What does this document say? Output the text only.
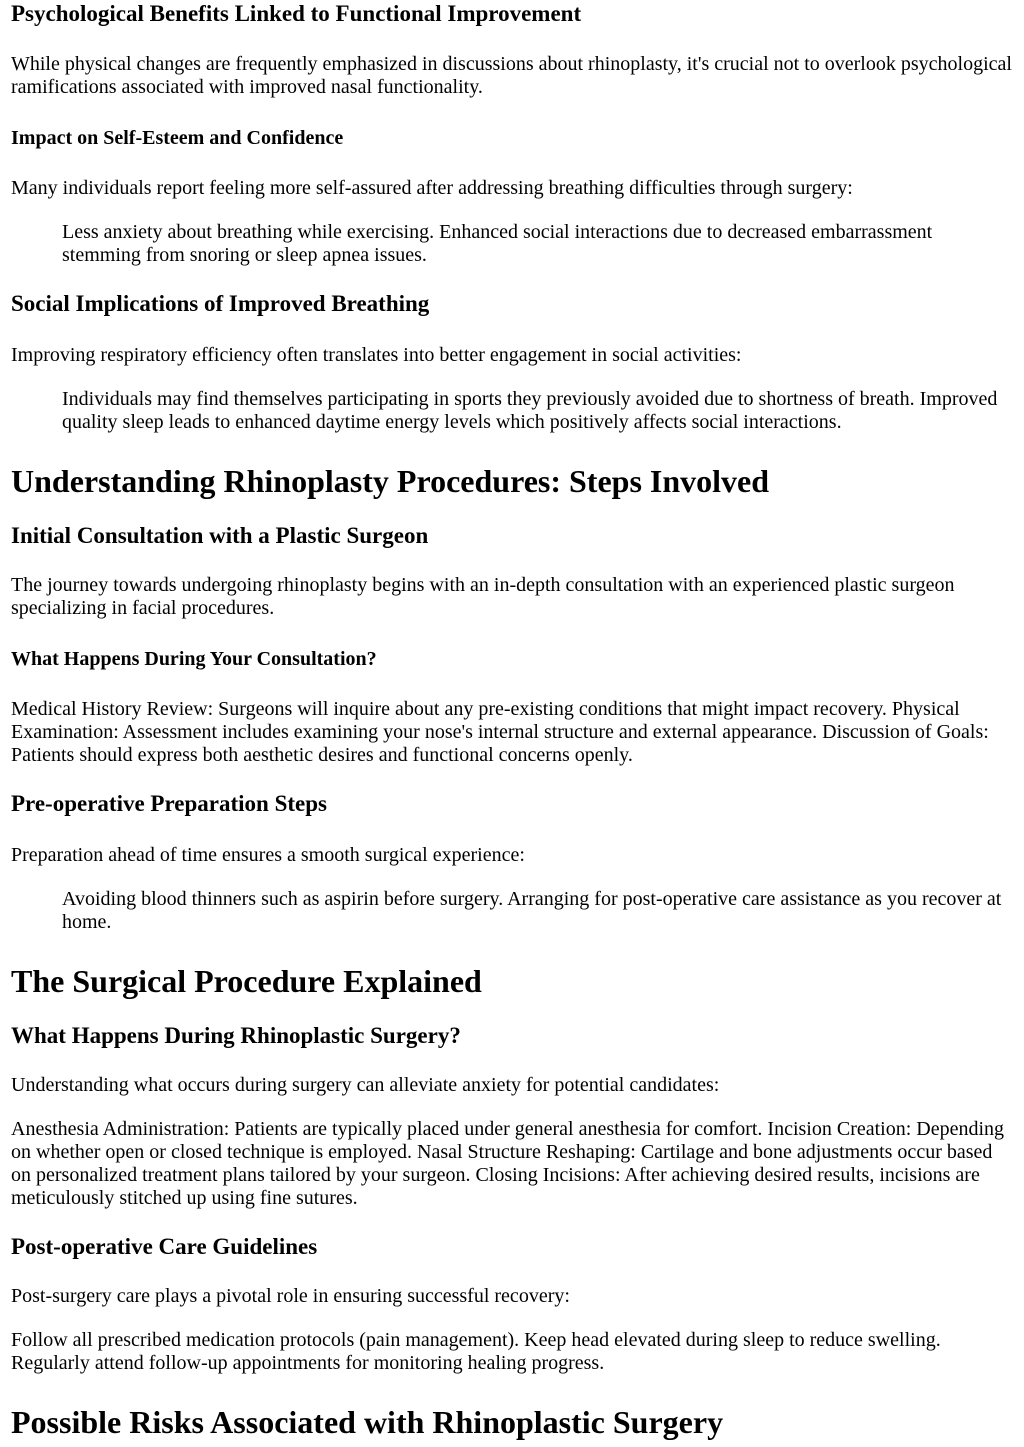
Psychological Benefits Linked to Functional Improvement

While physical changes are frequently emphasized in discussions about rhinoplasty, it's crucial not to overlook psychological ramifications associated with improved nasal functionality.

Impact on Self-Esteem and Confidence

Many individuals report feeling more self-assured after addressing breathing difficulties through surgery:

Less anxiety about breathing while exercising. Enhanced social interactions due to decreased embarrassment stemming from snoring or sleep apnea issues.
Social Implications of Improved Breathing

Improving respiratory efficiency often translates into better engagement in social activities:

Individuals may find themselves participating in sports they previously avoided due to shortness of breath. Improved quality sleep leads to enhanced daytime energy levels which positively affects social interactions.
Understanding Rhinoplasty Procedures: Steps Involved
Initial Consultation with a Plastic Surgeon

The journey towards undergoing rhinoplasty begins with an in-depth consultation with an experienced plastic surgeon specializing in facial procedures.

What Happens During Your Consultation?

Medical History Review: Surgeons will inquire about any pre-existing conditions that might impact recovery. Physical Examination: Assessment includes examining your nose's internal structure and external appearance. Discussion of Goals: Patients should express both aesthetic desires and functional concerns openly.

Pre-operative Preparation Steps

Preparation ahead of time ensures a smooth surgical experience:

Avoiding blood thinners such as aspirin before surgery. Arranging for post-operative care assistance as you recover at home.
The Surgical Procedure Explained
What Happens During Rhinoplastic Surgery?

Understanding what occurs during surgery can alleviate anxiety for potential candidates:

Anesthesia Administration: Patients are typically placed under general anesthesia for comfort. Incision Creation: Depending on whether open or closed technique is employed. Nasal Structure Reshaping: Cartilage and bone adjustments occur based on personalized treatment plans tailored by your surgeon. Closing Incisions: After achieving desired results, incisions are meticulously stitched up using fine sutures.

Post-operative Care Guidelines

Post-surgery care plays a pivotal role in ensuring successful recovery:

Follow all prescribed medication protocols (pain management). Keep head elevated during sleep to reduce swelling. Regularly attend follow-up appointments for monitoring healing progress.

Possible Risks Associated with Rhinoplastic Surgery
